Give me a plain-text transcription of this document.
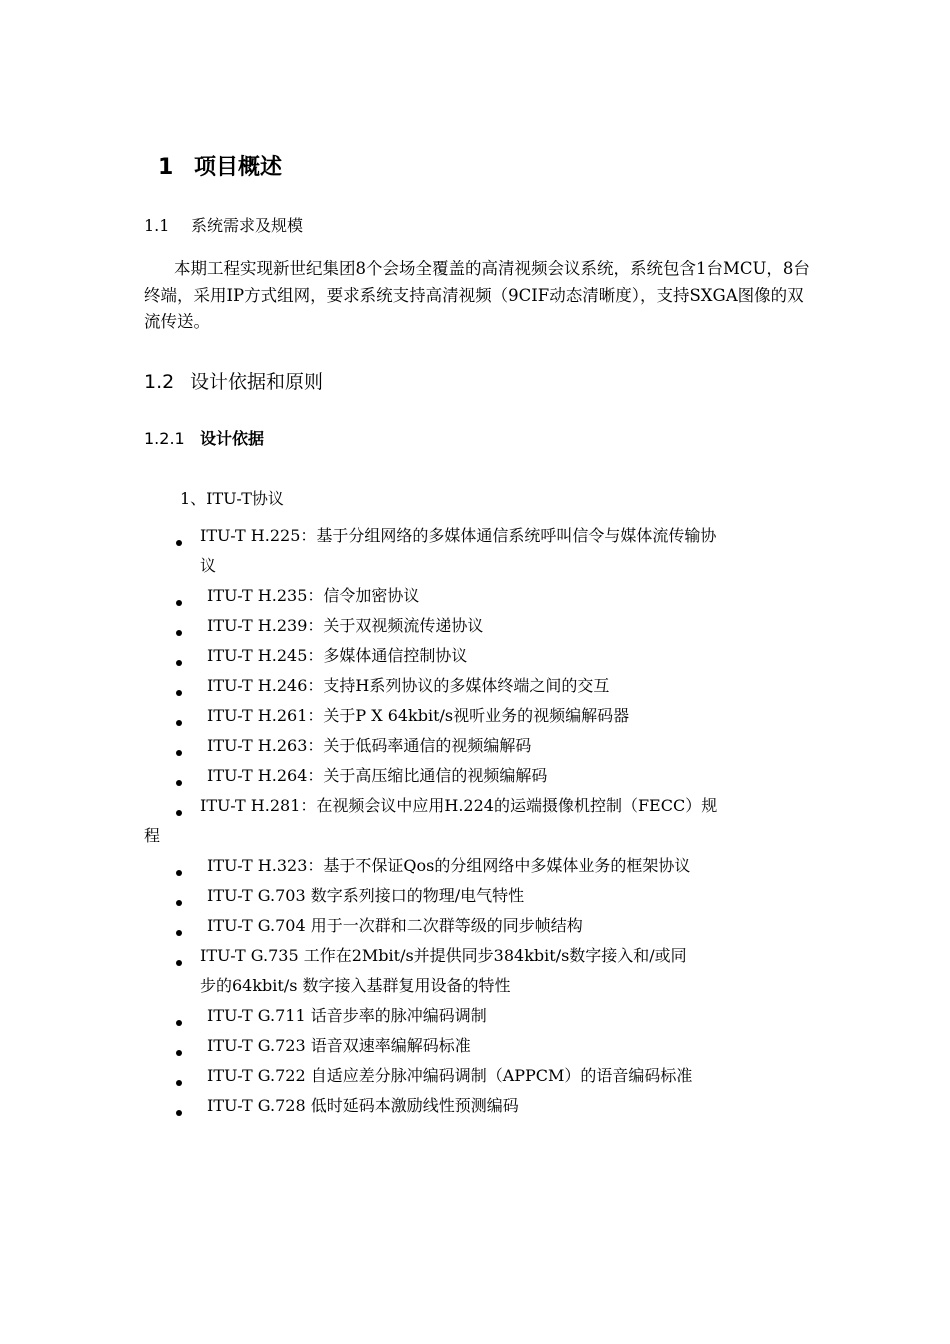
1 项目概述
1.1 系统需求及规模
本期工程实现新世纪集团8个会场全覆盖的高清视频会议系统，系统包含1台MCU，8台终端，采用IP方式组网，要求系统支持高清视频（9CIF动态清晰度），支持SXGA图像的双流传送。
1.2 设计依据和原则
1.2.1 设计依据
1、ITU-T协议
ITU-T H.225：基于分组网络的多媒体通信系统呼叫信令与媒体流传输协
议
ITU-T H.235：信令加密协议
ITU-T H.239：关于双视频流传递协议
ITU-T H.245：多媒体通信控制协议
ITU-T H.246：支持H系列协议的多媒体终端之间的交互
ITU-T H.261：关于P X 64kbit/s视听业务的视频编解码器
ITU-T H.263：关于低码率通信的视频编解码
ITU-T H.264：关于高压缩比通信的视频编解码
ITU-T H.281：在视频会议中应用H.224的运端摄像机控制（FECC）规
程
ITU-T H.323：基于不保证Qos的分组网络中多媒体业务的框架协议
ITU-T G.703 数字系列接口的物理/电气特性
ITU-T G.704 用于一次群和二次群等级的同步帧结构
ITU-T G.735 工作在2Mbit/s并提供同步384kbit/s数字接入和/或同
步的64kbit/s 数字接入基群复用设备的特性
ITU-T G.711 话音步率的脉冲编码调制
ITU-T G.723 语音双速率编解码标准
ITU-T G.722 自适应差分脉冲编码调制（APPCM）的语音编码标准
ITU-T G.728 低时延码本激励线性预测编码
